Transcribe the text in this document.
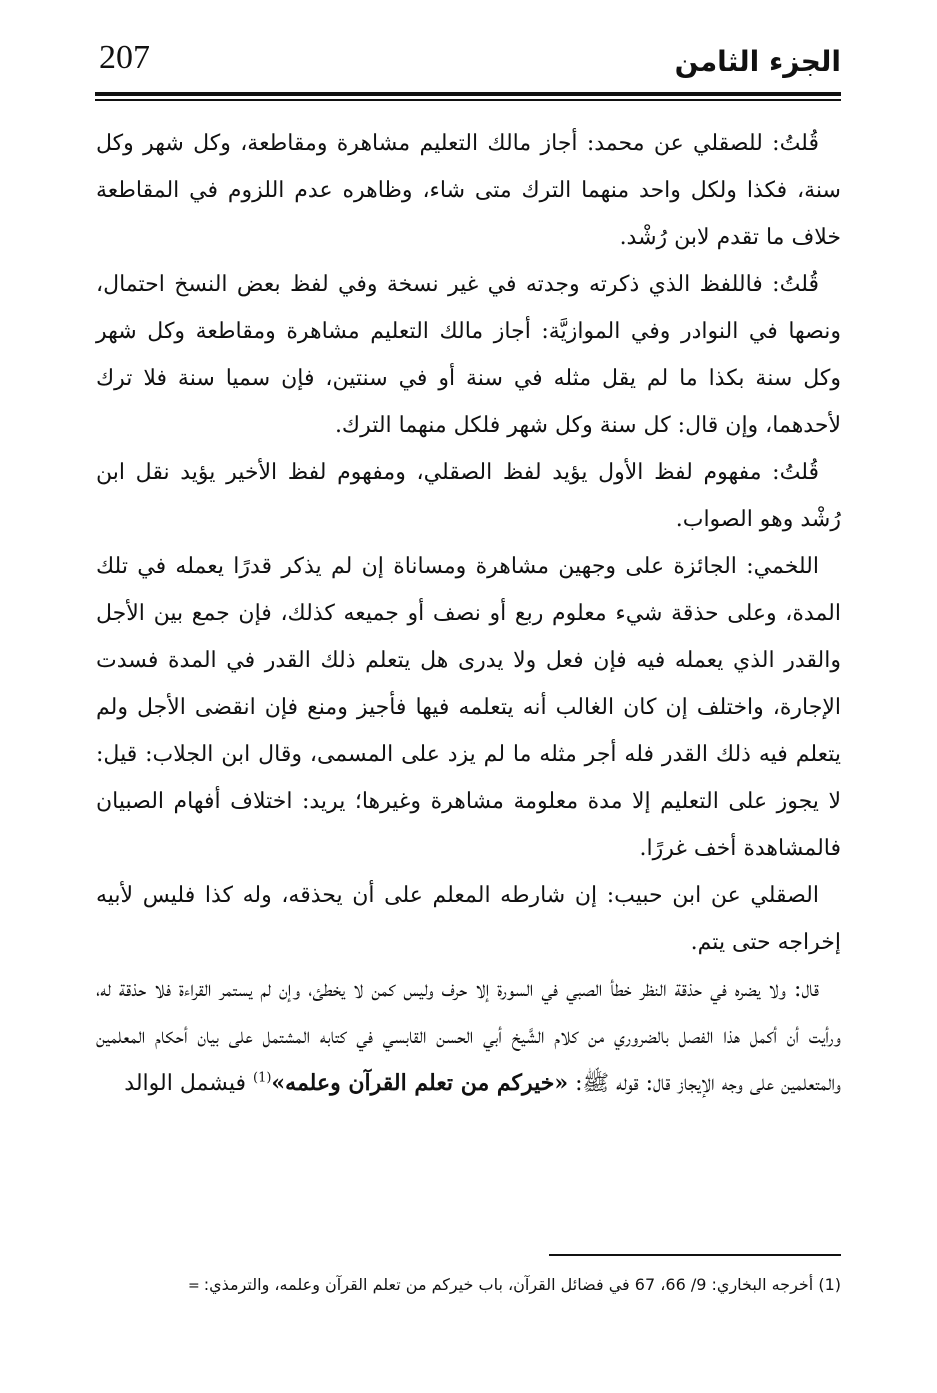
207	الجزء الثامن

قُلتُ: للصقلي عن محمد: أجاز مالك التعليم مشاهرة ومقاطعة، وكل شهر وكل سنة، فكذا ولكل واحد منهما الترك متى شاء، وظاهره عدم اللزوم في المقاطعة خلاف ما تقدم لابن رُشْد.

قُلتُ: فاللفظ الذي ذكرته وجدته في غير نسخة وفي لفظ بعض النسخ احتمال، ونصها في النوادر وفي الموازيَّة: أجاز مالك التعليم مشاهرة ومقاطعة وكل شهر وكل سنة بكذا ما لم يقل مثله في سنة أو في سنتين، فإن سميا سنة فلا ترك لأحدهما، وإن قال: كل سنة وكل شهر فلكل منهما الترك.

قُلتُ: مفهوم لفظ الأول يؤيد لفظ الصقلي، ومفهوم لفظ الأخير يؤيد نقل ابن رُشْد وهو الصواب.

اللخمي: الجائزة على وجهين مشاهرة ومساناة إن لم يذكر قدرًا يعمله في تلك المدة، وعلى حذقة شيء معلوم ربع أو نصف أو جميعه كذلك، فإن جمع بين الأجل والقدر الذي يعمله فيه فإن فعل ولا يدرى هل يتعلم ذلك القدر في المدة فسدت الإجارة، واختلف إن كان الغالب أنه يتعلمه فيها فأجيز ومنع فإن انقضى الأجل ولم يتعلم فيه ذلك القدر فله أجر مثله ما لم يزد على المسمى، وقال ابن الجلاب: قيل: لا يجوز على التعليم إلا مدة معلومة مشاهرة وغيرها؛ يريد: اختلاف أفهام الصبيان فالمشاهدة أخف غررًا.

الصقلي عن ابن حبيب: إن شارطه المعلم على أن يحذقه، وله كذا فليس لأبيه إخراجه حتى يتم.

قال: ولا يضره في حذقة النظر خطأ الصبي في السورة إلا حرف وليس كمن لا يخطئ، وإن لم يستمر القراءة فلا حذقة له، ورأيت أن أكمل هذا الفصل بالضروري من كلام الشَّيخ أبي الحسن القابسي في كتابه المشتمل على بيان أحكام المعلمين والمتعلمين على وجه الإيجاز قال: قوله ﷺ: «خيركم من تعلم القرآن وعلمه»$^{(1)}$ فيشمل الوالد

(1) أخرجه البخاري: 9/ 66، 67 في فضائل القرآن، باب خيركم من تعلم القرآن وعلمه، والترمذي:=
